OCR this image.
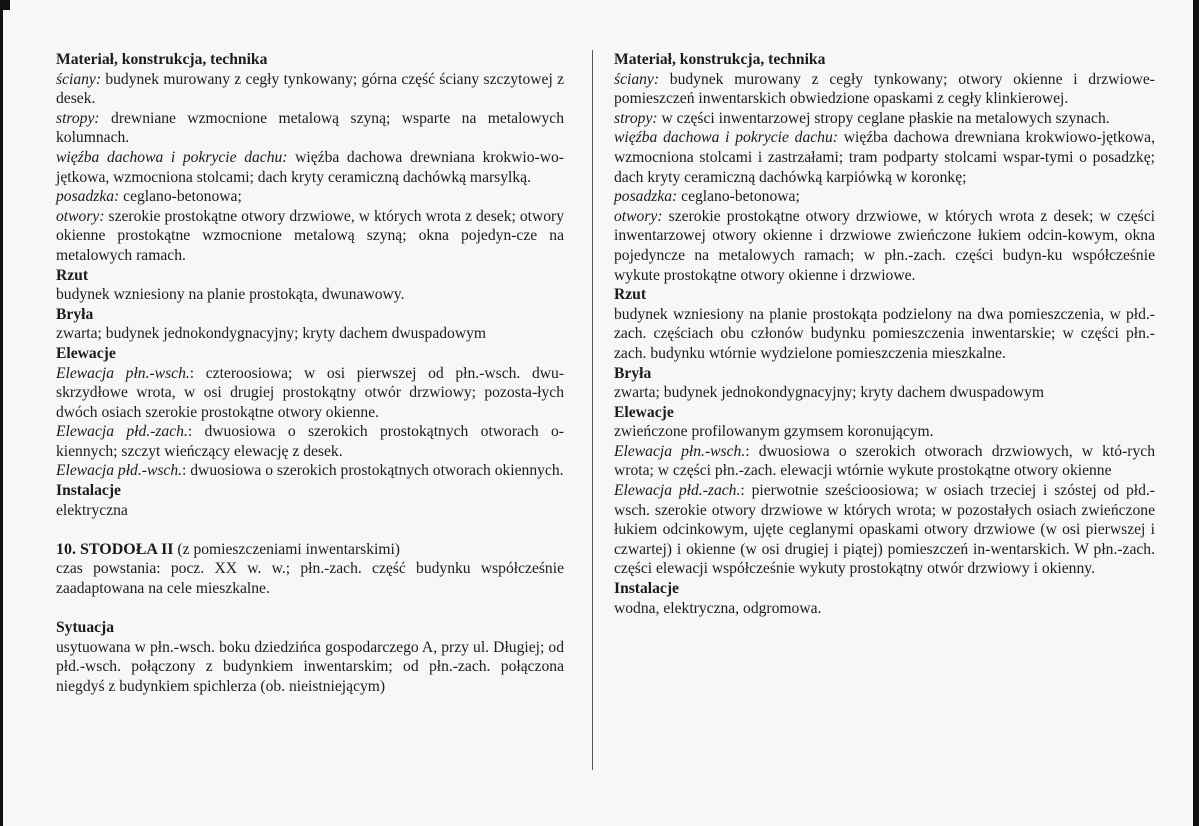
Materiał, konstrukcja, technika

ściany: budynek murowany z cegły tynkowany; górna część ściany szczytowej z desek.

stropy: drewniane wzmocnione metalową szyną; wsparte na metalowych kolumnach.

więźba dachowa i pokrycie dachu: więźba dachowa drewniana krokwio-wo-jętkowa, wzmocniona stolcami; dach kryty ceramiczną dachówką marsylką.

posadzka: ceglano-betonowa;

otwory: szerokie prostokątne otwory drzwiowe, w których wrota z desek; otwory okienne prostokątne wzmocnione metalową szyną; okna pojedyn-cze na metalowych ramach.

Rzut

budynek wzniesiony na planie prostokąta, dwunawowy.

Bryła

zwarta; budynek jednokondygnacyjny; kryty dachem dwuspadowym

Elewacje

Elewacja płn.-wsch.: czteroosiowa; w osi pierwszej od płn.-wsch. dwu-skrzydłowe wrota, w osi drugiej prostokątny otwór drzwiowy; pozosta-łych dwóch osiach szerokie prostokątne otwory okienne.

Elewacja płd.-zach.: dwuosiowa o szerokich prostokątnych otworach o-kiennych; szczyt wieńczący elewację z desek.

Elewacja płd.-wsch.: dwuosiowa o szerokich prostokątnych otworach okiennych.

Instalacje

elektryczna

10. STODOŁA II (z pomieszczeniami inwentarskimi)

czas powstania: pocz. XX w. w.; płn.-zach. część budynku współcześnie zaadaptowana na cele mieszkalne.

Sytuacja

usytuowana w płn.-wsch. boku dziedzińca gospodarczego A, przy ul. Długiej; od płd.-wsch. połączony z budynkiem inwentarskim; od płn.-zach. połączona niegdyś z budynkiem spichlerza (ob. nieistniejącym)

Materiał, konstrukcja, technika

ściany: budynek murowany z cegły tynkowany; otwory okienne i drzwiowe-pomieszczeń inwentarskich obwiedzione opaskami z cegły klinkierowej.

stropy: w części inwentarzowej stropy ceglane płaskie na metalowych szynach.

więźba dachowa i pokrycie dachu: więźba dachowa drewniana krokwiowo-jętkowa, wzmocniona stolcami i zastrzałami; tram podparty stolcami wspar-tymi o posadzkę; dach kryty ceramiczną dachówką karpiówką w koronkę;

posadzka: ceglano-betonowa;

otwory: szerokie prostokątne otwory drzwiowe, w których wrota z desek; w części inwentarzowej otwory okienne i drzwiowe zwieńczone łukiem odcin-kowym, okna pojedyncze na metalowych ramach; w płn.-zach. części budyn-ku współcześnie wykute prostokątne otwory okienne i drzwiowe.

Rzut

budynek wzniesiony na planie prostokąta podzielony na dwa pomieszczenia, w płd.-zach. częściach obu członów budynku pomieszczenia inwentarskie; w części płn.-zach. budynku wtórnie wydzielone pomieszczenia mieszkalne.

Bryła

zwarta; budynek jednokondygnacyjny; kryty dachem dwuspadowym

Elewacje

zwieńczone profilowanym gzymsem koronującym.

Elewacja płn.-wsch.: dwuosiowa o szerokich otworach drzwiowych, w któ-rych wrota; w części płn.-zach. elewacji wtórnie wykute prostokątne otwory okienne

Elewacja płd.-zach.: pierwotnie sześcioosiowa; w osiach trzeciej i szóstej od płd.-wsch. szerokie otwory drzwiowe w których wrota; w pozostałych osiach zwieńczone łukiem odcinkowym, ujęte ceglanymi opaskami otwory drzwiowe (w osi pierwszej i czwartej) i okienne (w osi drugiej i piątej) pomieszczeń in-wentarskich. W płn.-zach. części elewacji współcześnie wykuty prostokątny otwór drzwiowy i okienny.

Instalacje

wodna, elektryczna, odgromowa.
